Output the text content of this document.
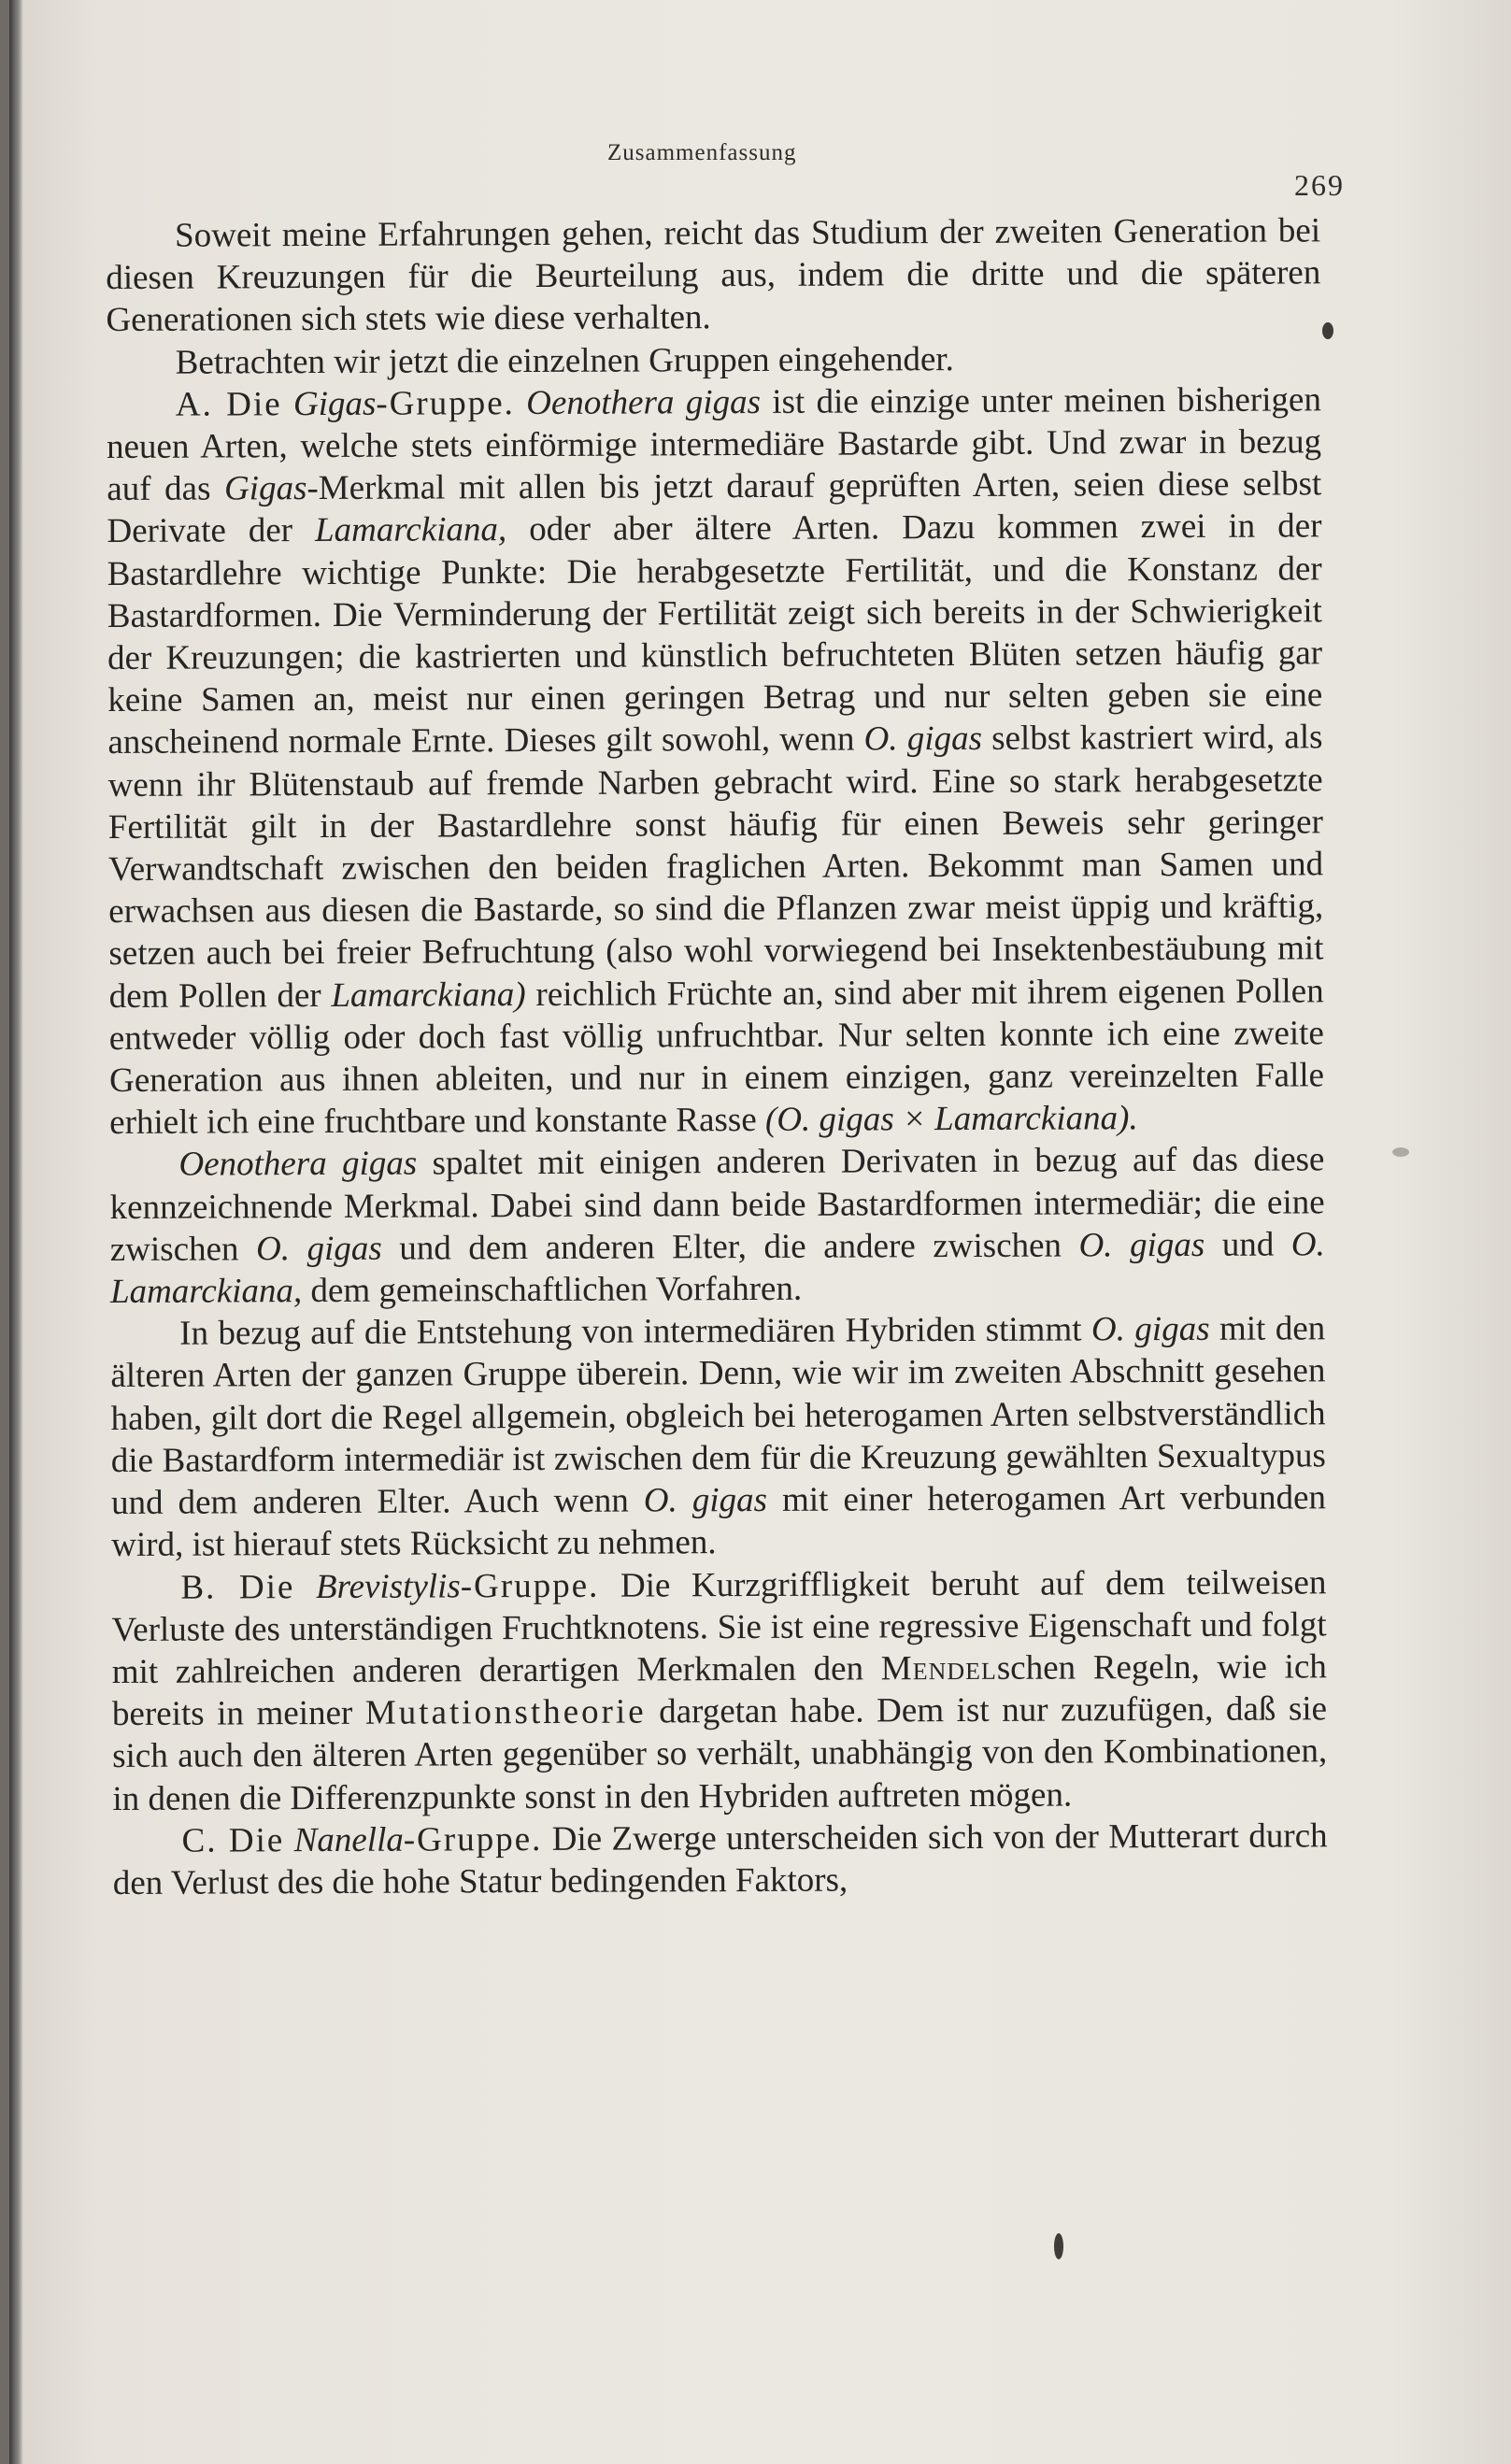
Zusammenfassung
269

Soweit meine Erfahrungen gehen, reicht das Studium der zweiten Generation bei diesen Kreuzungen für die Beurteilung aus, indem die dritte und die späteren Generationen sich stets wie diese verhalten.

Betrachten wir jetzt die einzelnen Gruppen eingehender.

A. Die Gigas-Gruppe. Oenothera gigas ist die einzige unter meinen bisherigen neuen Arten, welche stets einförmige intermediäre Bastarde gibt. Und zwar in bezug auf das Gigas-Merkmal mit allen bis jetzt darauf geprüften Arten, seien diese selbst Derivate der Lamarckiana, oder aber ältere Arten. Dazu kommen zwei in der Bastardlehre wichtige Punkte: Die herabgesetzte Fertilität, und die Konstanz der Bastardformen. Die Verminderung der Fertilität zeigt sich bereits in der Schwierigkeit der Kreuzungen; die kastrierten und künstlich befruchteten Blüten setzen häufig gar keine Samen an, meist nur einen geringen Betrag und nur selten geben sie eine anscheinend normale Ernte. Dieses gilt sowohl, wenn O. gigas selbst kastriert wird, als wenn ihr Blütenstaub auf fremde Narben gebracht wird. Eine so stark herabgesetzte Fertilität gilt in der Bastardlehre sonst häufig für einen Beweis sehr geringer Verwandtschaft zwischen den beiden fraglichen Arten. Bekommt man Samen und erwachsen aus diesen die Bastarde, so sind die Pflanzen zwar meist üppig und kräftig, setzen auch bei freier Befruchtung (also wohl vorwiegend bei Insektenbestäubung mit dem Pollen der Lamarckiana) reichlich Früchte an, sind aber mit ihrem eigenen Pollen entweder völlig oder doch fast völlig unfruchtbar. Nur selten konnte ich eine zweite Generation aus ihnen ableiten, und nur in einem einzigen, ganz vereinzelten Falle erhielt ich eine fruchtbare und konstante Rasse (O. gigas × Lamarckiana).

Oenothera gigas spaltet mit einigen anderen Derivaten in bezug auf das diese kennzeichnende Merkmal. Dabei sind dann beide Bastardformen intermediär; die eine zwischen O. gigas und dem anderen Elter, die andere zwischen O. gigas und O. Lamarckiana, dem gemeinschaftlichen Vorfahren.

In bezug auf die Entstehung von intermediären Hybriden stimmt O. gigas mit den älteren Arten der ganzen Gruppe überein. Denn, wie wir im zweiten Abschnitt gesehen haben, gilt dort die Regel allgemein, obgleich bei heterogamen Arten selbstverständlich die Bastardform intermediär ist zwischen dem für die Kreuzung gewählten Sexualtypus und dem anderen Elter. Auch wenn O. gigas mit einer heterogamen Art verbunden wird, ist hierauf stets Rücksicht zu nehmen.

B. Die Brevistylis-Gruppe. Die Kurzgriffligkeit beruht auf dem teilweisen Verluste des unterständigen Fruchtknotens. Sie ist eine regressive Eigenschaft und folgt mit zahlreichen anderen derartigen Merkmalen den Mendelschen Regeln, wie ich bereits in meiner Mutationstheorie dargetan habe. Dem ist nur zuzufügen, daß sie sich auch den älteren Arten gegenüber so verhält, unabhängig von den Kombinationen, in denen die Differenzpunkte sonst in den Hybriden auftreten mögen.

C. Die Nanella-Gruppe. Die Zwerge unterscheiden sich von der Mutterart durch den Verlust des die hohe Statur bedingenden Faktors,
